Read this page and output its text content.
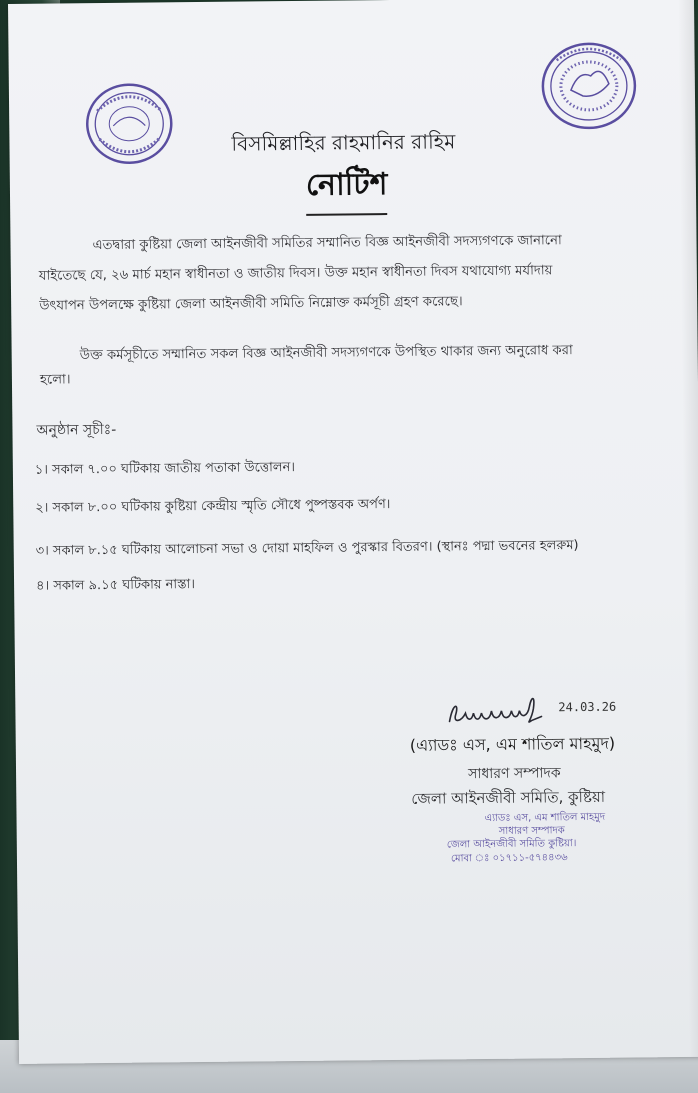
বিসমিল্লাহির রাহমানির রাহিম
নোটিশ
এতদ্বারা কুষ্টিয়া জেলা আইনজীবী সমিতির সম্মানিত বিজ্ঞ আইনজীবী সদস্যগণকে জানানো
যাইতেছে যে, ২৬ মার্চ মহান স্বাধীনতা ও জাতীয় দিবস। উক্ত মহান স্বাধীনতা দিবস যথাযোগ্য মর্যাদায়
উৎযাপন উপলক্ষে কুষ্টিয়া জেলা আইনজীবী সমিতি নিম্নোক্ত কর্মসূচী গ্রহণ করেছে।
উক্ত কর্মসূচীতে সম্মানিত সকল বিজ্ঞ আইনজীবী সদস্যগণকে উপস্থিত থাকার জন্য অনুরোধ করা
হলো।
অনুষ্ঠান সূচীঃ-
১। সকাল ৭.০০ ঘটিকায় জাতীয় পতাকা উত্তোলন।
২। সকাল ৮.০০ ঘটিকায় কুষ্টিয়া কেন্দ্রীয় স্মৃতি সৌধে পুষ্পস্তবক অর্পণ।
৩। সকাল ৮.১৫ ঘটিকায় আলোচনা সভা ও দোয়া মাহফিল ও পুরস্কার বিতরণ। (স্থানঃ পদ্মা ভবনের হলরুম)
৪। সকাল ৯.১৫ ঘটিকায় নাস্তা।
24.03.26
(এ্যাডঃ এস, এম শাতিল মাহমুদ)
সাধারণ সম্পাদক
জেলা আইনজীবী সমিতি, কুষ্টিয়া
এ্যাডঃ এস, এম শাতিল মাহমুদ
সাধারণ সম্পাদক
জেলা আইনজীবী সমিতি কুষ্টিয়া।
মোবা ঃ ০১৭১১-৫৭৪৪৩৬
